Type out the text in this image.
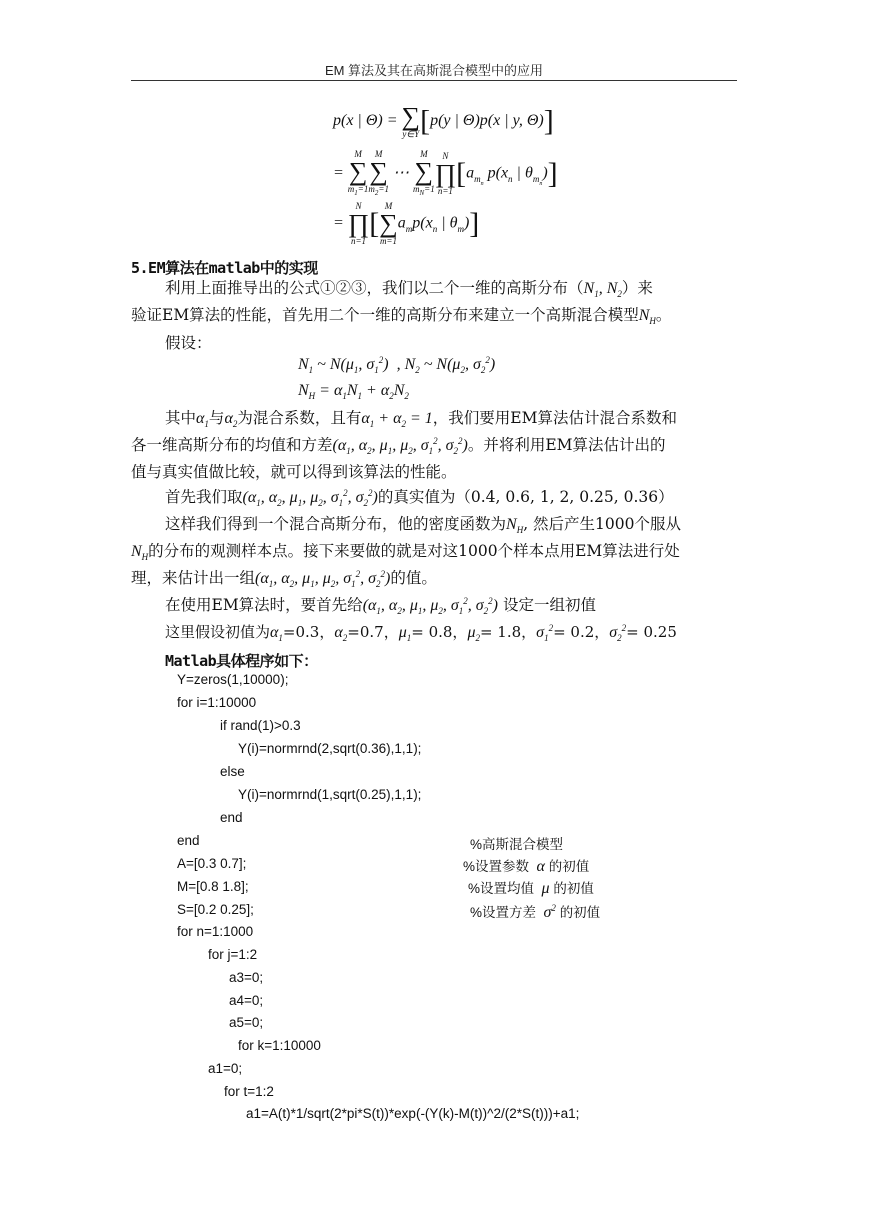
EM 算法及其在高斯混合模型中的应用
p(x | Θ) = ∑
y∈Y[p(y | Θ)p(x | y, Θ)]
= M
∑
$m_1=1M$
∑
$m_2=1$ ⋯ M
∑
$m_N=1N$
∏
$n=1[a_{m_n}$ $p(x_n$ | $\theta_{m_n}$)]
= N
∏
n=1[M
∑
$m=1a_mp(x_n$ | $\theta_m$)]
5.EM算法在matlab中的实现
利用上面推导出的公式①②③，我们以二个一维的高斯分布（$N_1$, $N_2$）来
验证EM算法的性能，首先用二个一维的高斯分布来建立一个高斯混合模型$N_H$。
假设：
$N_1$ ~ $N(\mu_1$, $\sigma_1^2$)  , $N_2$ ~ $N(\mu_2$, $\sigma_2^2$)
$N_H = \alpha_1N_1 + \alpha_2N_2$
其中$\alpha_1$与$\alpha_2$为混合系数，且有$\alpha_1 + \alpha_2 = 1$，我们要用EM算法估计混合系数和
各一维高斯分布的均值和方差($\alpha_1$, $\alpha_2$, $\mu_1$, $\mu_2$, $\sigma_1^2$, $\sigma_2^2$)。并将利用EM算法估计出的
值与真实值做比较，就可以得到该算法的性能。
首先我们取($\alpha_1$, $\alpha_2$, $\mu_1$, $\mu_2$, $\sigma_1^2$, $\sigma_2^2$)的真实值为（0.4, 0.6, 1, 2, 0.25, 0.36）
这样我们得到一个混合高斯分布，他的密度函数为$N_H$, 然后产生1000个服从
$N_H$的分布的观测样本点。接下来要做的就是对这1000个样本点用EM算法进行处
理，来估计出一组($\alpha_1$, $\alpha_2$, $\mu_1$, $\mu_2$, $\sigma_1^2$, $\sigma_2^2$)的值。
在使用EM算法时，要首先给($\alpha_1$, $\alpha_2$, $\mu_1$, $\mu_2$, $\sigma_1^2$, $\sigma_2^2$) 设定一组初值
这里假设初值为$\alpha_1=0.3$，$\alpha_2=0.7$，$\mu_1= 0.8$，$\mu_2= 1.8$，$\sigma_1^2= 0.2$，$\sigma_2^2= 0.25$
Matlab具体程序如下：
Y=zeros(1,10000);
for i=1:10000
if rand(1)>0.3
Y(i)=normrnd(2,sqrt(0.36),1,1);
else
Y(i)=normrnd(1,sqrt(0.25),1,1);
end
end
A=[0.3 0.7];
M=[0.8 1.8];
S=[0.2 0.25];
for n=1:1000
for j=1:2
a3=0;
a4=0;
a5=0;
for k=1:10000
a1=0;
for t=1:2
a1=A(t)*1/sqrt(2*pi*S(t))*exp(-(Y(k)-M(t))^2/(2*S(t)))+a1;
%高斯混合模型
%设置参数 α 的初值
%设置均值 μ 的初值
%设置方差 $\sigma^2$ 的初值
